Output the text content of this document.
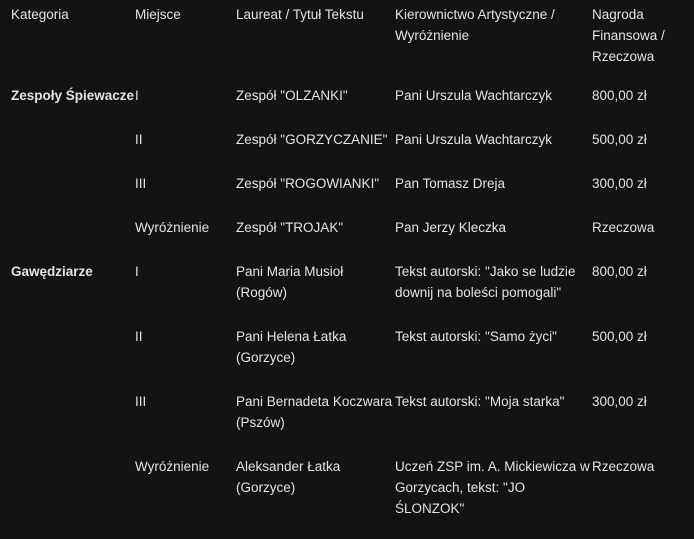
Kategoria	Miejsce	Laureat / Tytuł Tekstu	Kierownictwo Artystyczne / Wyróżnienie	Nagroda Finansowa / Rzeczowa
Zespoły Śpiewacze	I	Zespół "OLZANKI"	Pani Urszula Wachtarczyk	800,00 zł
	II	Zespół "GORZYCZANIE"	Pani Urszula Wachtarczyk	500,00 zł
	III	Zespół "ROGOWIANKI"	Pan Tomasz Dreja	300,00 zł
	Wyróżnienie	Zespół "TROJAK"	Pan Jerzy Kleczka	Rzeczowa
Gawędziarze	I	Pani Maria Musioł (Rogów)	Tekst autorski: "Jako se ludzie downij na boleści pomogali"	800,00 zł
	II	Pani Helena Łatka (Gorzyce)	Tekst autorski: "Samo życi"	500,00 zł
	III	Pani Bernadeta Koczwara (Pszów)	Tekst autorski: "Moja starka"	300,00 zł
	Wyróżnienie	Aleksander Łatka (Gorzyce)	Uczeń ZSP im. A. Mickiewicza w Gorzycach, tekst: "JO ŚLONZOK"	Rzeczowa
